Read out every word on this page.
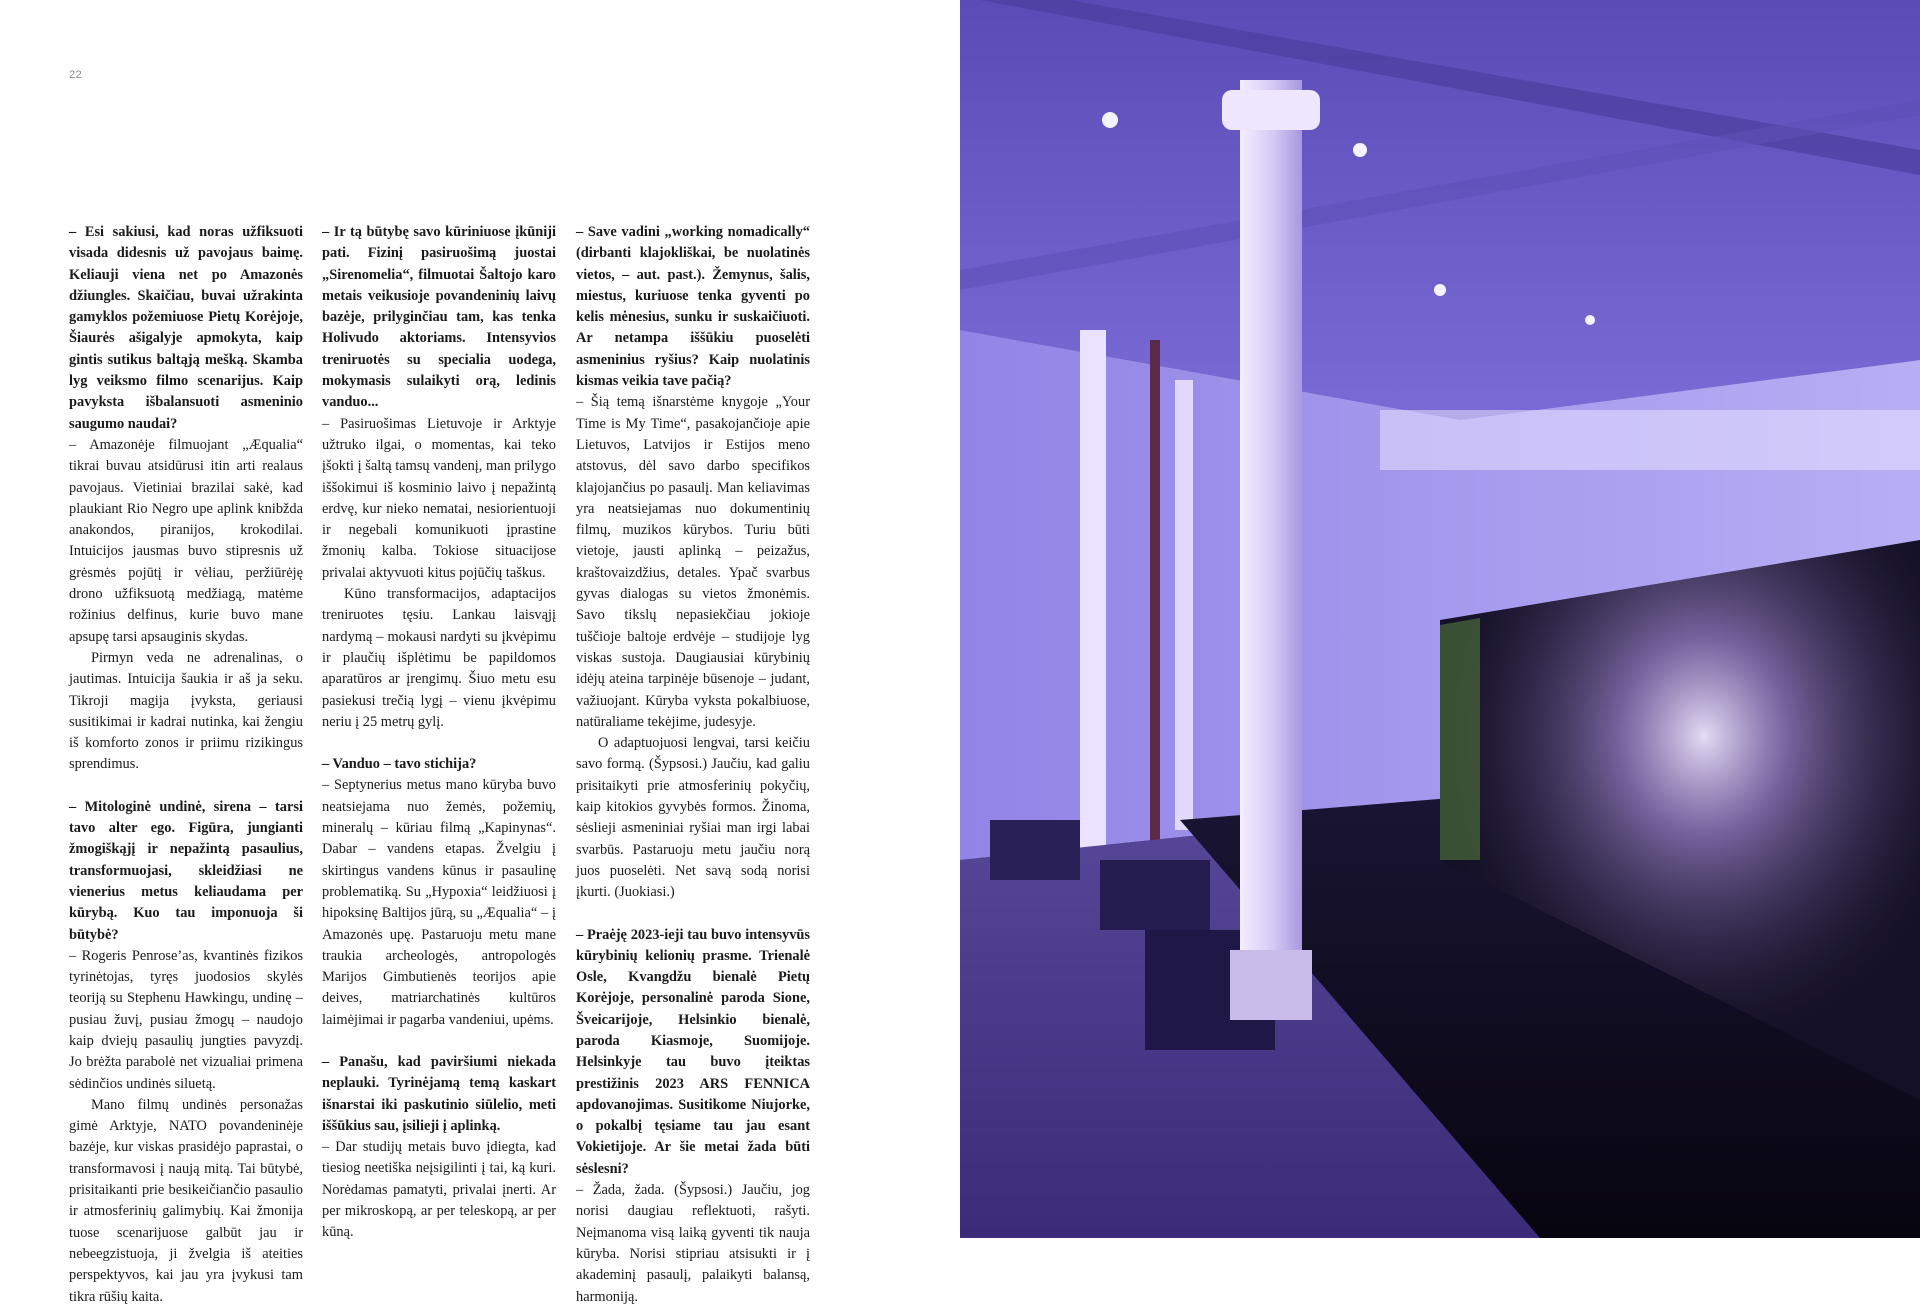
22

– Esi sakiusi, kad noras užfiksuoti visada didesnis už pavojaus baimę. Keliauji viena net po Amazonės džiungles. Skaičiau, buvai užrakinta gamyklos požemiuose Pietų Korėjoje, Šiaurės ašigalyje apmokyta, kaip gintis sutikus baltąją mešką. Skamba lyg veiksmo filmo scenarijus. Kaip pavyksta išbalansuoti asmeninio saugumo naudai?

– Amazonėje filmuojant „Æqualia“ tikrai buvau atsidūrusi itin arti realaus pavojaus. Vietiniai brazilai sakė, kad plaukiant Rio Negro upe aplink knibžda anakondos, piranijos, krokodilai. Intuicijos jausmas buvo stipresnis už grėsmės pojūtį ir vėliau, peržiūrėję drono užfiksuotą medžiagą, matėme rožinius delfinus, kurie buvo mane apsupę tarsi apsauginis skydas.

Pirmyn veda ne adrenalinas, o jautimas. Intuicija šaukia ir aš ja seku. Tikroji magija įvyksta, geriausi susitikimai ir kadrai nutinka, kai žengiu iš komforto zonos ir priimu rizikingus sprendimus.

– Mitologinė undinė, sirena – tarsi tavo alter ego. Figūra, jungianti žmogiškąjį ir nepažintą pasaulius, transformuojasi, skleidžiasi ne vienerius metus keliaudama per kūrybą. Kuo tau imponuoja ši būtybė?

– Rogeris Penrose’as, kvantinės fizikos tyrinėtojas, tyręs juodosios skylės teoriją su Stephenu Hawkingu, undinę – pusiau žuvį, pusiau žmogų – naudojo kaip dviejų pasaulių jungties pavyzdį. Jo brėžta parabolė net vizualiai primena sėdinčios undinės siluetą.

Mano filmų undinės personažas gimė Arktyje, NATO povandeninėje bazėje, kur viskas prasidėjo paprastai, o transformavosi į naują mitą. Tai būtybė, prisitaikanti prie besikeičiančio pasaulio ir atmosferinių galimybių. Kai žmonija tuose scenarijuose galbūt jau ir nebeegzistuoja, ji žvelgia iš ateities perspektyvos, kai jau yra įvykusi tam tikra rūšių kaita.

– Ir tą būtybę savo kūriniuose įkūniji pati. Fizinį pasiruošimą juostai „Sirenomelia“, filmuotai Šaltojo karo metais veikusioje povandeninių laivų bazėje, prilyginčiau tam, kas tenka Holivudo aktoriams. Intensyvios treniruotės su specialia uodega, mokymasis sulaikyti orą, ledinis vanduo...

– Pasiruošimas Lietuvoje ir Arktyje užtruko ilgai, o momentas, kai teko įšokti į šaltą tamsų vandenį, man prilygo iššokimui iš kosminio laivo į nepažintą erdvę, kur nieko nematai, nesiorientuoji ir negebali komunikuoti įprastine žmonių kalba. Tokiose situacijose privalai aktyvuoti kitus pojūčių taškus.

Kūno transformacijos, adaptacijos treniruotes tęsiu. Lankau laisvąjį nardymą – mokausi nardyti su įkvėpimu ir plaučių išplėtimu be papildomos aparatūros ar įrengimų. Šiuo metu esu pasiekusi trečią lygį – vienu įkvėpimu neriu į 25 metrų gylį.

– Vanduo – tavo stichija?

– Septynerius metus mano kūryba buvo neatsiejama nuo žemės, požemių, mineralų – kūriau filmą „Kapinynas“. Dabar – vandens etapas. Žvelgiu į skirtingus vandens kūnus ir pasaulinę problematiką. Su „Hypoxia“ leidžiuosi į hipoksinę Baltijos jūrą, su „Æqualia“ – į Amazonės upę. Pastaruoju metu mane traukia archeologės, antropologės Marijos Gimbutienės teorijos apie deives, matriarchatinės kultūros laimėjimai ir pagarba vandeniui, upėms.

– Panašu, kad paviršiumi niekada neplauki. Tyrinėjamą temą kaskart išnarstai iki paskutinio siūlelio, meti iššūkius sau, įsilieji į aplinką.

– Dar studijų metais buvo įdiegta, kad tiesiog neetiška neįsigilinti į tai, ką kuri. Norėdamas pamatyti, privalai įnerti. Ar per mikroskopą, ar per teleskopą, ar per kūną.

– Save vadini „working nomadically“ (dirbanti klajokliškai, be nuolatinės vietos, – aut. past.). Žemynus, šalis, miestus, kuriuose tenka gyventi po kelis mėnesius, sunku ir suskaičiuoti. Ar netampa iššūkiu puoselėti asmeninius ryšius? Kaip nuolatinis kismas veikia tave pačią?

– Šią temą išnarstėme knygoje „Your Time is My Time“, pasakojančioje apie Lietuvos, Latvijos ir Estijos meno atstovus, dėl savo darbo specifikos klajojančius po pasaulį. Man keliavimas yra neatsiejamas nuo dokumentinių filmų, muzikos kūrybos. Turiu būti vietoje, jausti aplinką – peizažus, kraštovaizdžius, detales. Ypač svarbus gyvas dialogas su vietos žmonėmis. Savo tikslų nepasiekčiau jokioje tuščioje baltoje erdvėje – studijoje lyg viskas sustoja. Daugiausiai kūrybinių idėjų ateina tarpinėje būsenoje – judant, važiuojant. Kūryba vyksta pokalbiuose, natūraliame tekėjime, judesyje.

O adaptuojuosi lengvai, tarsi keičiu savo formą. (Šypsosi.) Jaučiu, kad galiu prisitaikyti prie atmosferinių pokyčių, kaip kitokios gyvybės formos. Žinoma, sėslieji asmeniniai ryšiai man irgi labai svarbūs. Pastaruoju metu jaučiu norą juos puoselėti. Net savą sodą norisi įkurti. (Juokiasi.)

– Praėję 2023-ieji tau buvo intensyvūs kūrybinių kelionių prasme. Trienalė Osle, Kvangdžu bienalė Pietų Korėjoje, personalinė paroda Sione, Šveicarijoje, Helsinkio bienalė, paroda Kiasmoje, Suomijoje. Helsinkyje tau buvo įteiktas prestižinis 2023 ARS FENNICA apdovanojimas. Susitikome Niujorke, o pokalbį tęsiame tau jau esant Vokietijoje. Ar šie metai žada būti sėslesni?

– Žada, žada. (Šypsosi.) Jaučiu, jog norisi daugiau reflektuoti, rašyti. Neįmanoma visą laiką gyventi tik nauja kūryba. Norisi stipriau atsisukti ir į akademinį pasaulį, palaikyti balansą, harmoniją.
